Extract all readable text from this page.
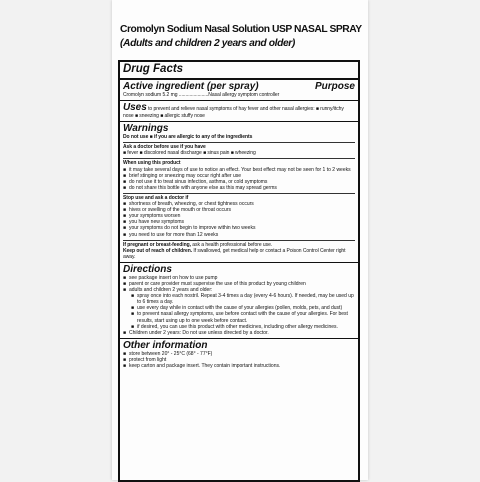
Cromolyn Sodium Nasal Solution USP NASAL SPRAY
(Adults and children 2 years and older)
Drug Facts
Active ingredient (per spray)	Purpose
Cromolyn sodium 5.2 mg ......................Nasal allergy symptom controller
Uses to prevent and relieve nasal symptoms of hay fever and other nasal allergies: ■ runny/itchy nose ■ sneezing ■ allergic stuffy nose
Warnings
Do not use ■ if you are allergic to any of the ingredients
Ask a doctor before use if you have
■ fever ■ discolored nasal discharge ■ sinus pain ■ wheezing
When using this product
■ it may take several days of use to notice an effect. Your best effect may not be seen for 1 to 2 weeks
■ brief stinging or sneezing may occur right after use
■ do not use it to treat sinus infection, asthma, or cold symptoms
■ do not share this bottle with anyone else as this may spread germs
Stop use and ask a doctor if
■ shortness of breath, wheezing, or chest tightness occurs
■ hives or swelling of the mouth or throat occurs
■ your symptoms worsen
■ you have new symptoms
■ your symptoms do not begin to improve within two weeks
■ you need to use for more than 12 weeks
If pregnant or breast-feeding, ask a health professional before use.
Keep out of reach of children. If swallowed, get medical help or contact a Poison Control Center right away.
Directions
■ see package insert on how to use pump
■ parent or care provider must supervise the use of this product by young children
■ adults and children 2 years and older:
■ spray once into each nostril. Repeat 3-4 times a day (every 4-6 hours). If needed, may be used up to 6 times a day.
■ use every day while in contact with the cause of your allergies (pollen, molds, pets, and dust)
■ to prevent nasal allergy symptoms, use before contact with the cause of your allergies. For best results, start using up to one week before contact.
■ if desired, you can use this product with other medicines, including other allergy medicines.
■ Children under 2 years: Do not use unless directed by a doctor.
Other information
■ store between 20° - 25°C (68° - 77°F)
■ protect from light
■ keep carton and package insert. They contain important instructions.
